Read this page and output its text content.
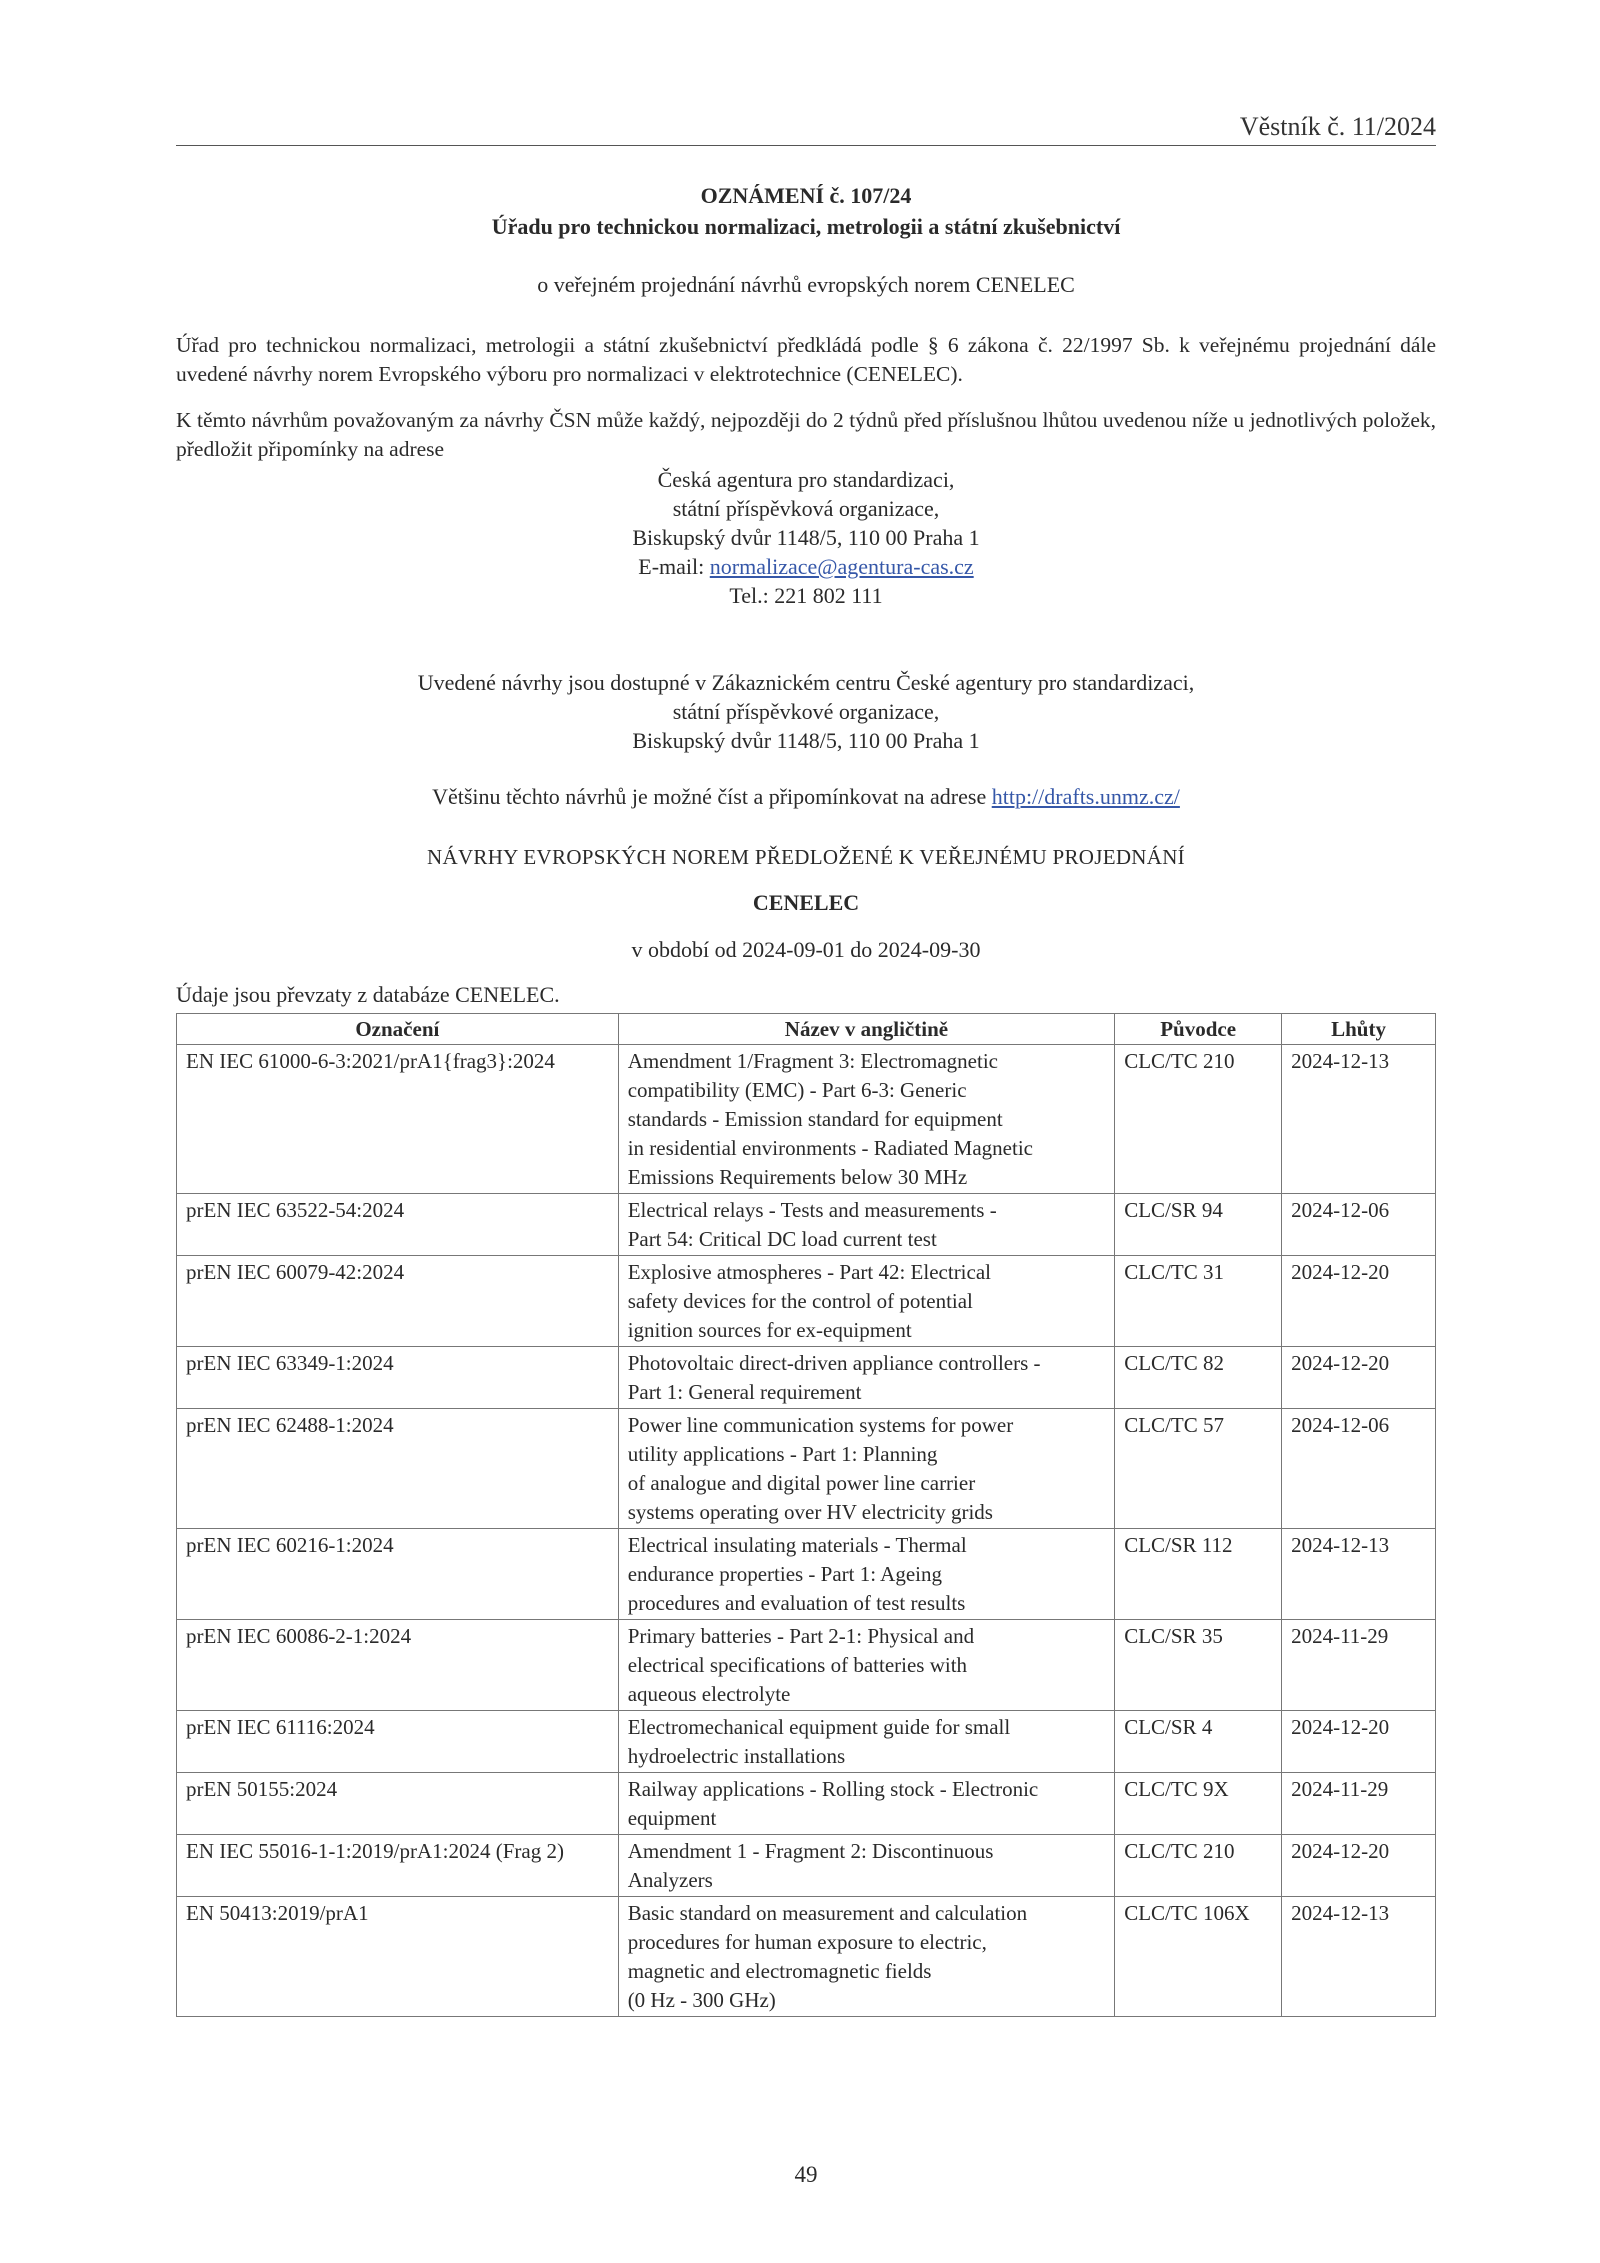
Věstník č. 11/2024
OZNÁMENÍ č. 107/24
Úřadu pro technickou normalizaci, metrologii a státní zkušebnictví
o veřejném projednání návrhů evropských norem CENELEC
Úřad pro technickou normalizaci, metrologii a státní zkušebnictví předkládá podle § 6 zákona č. 22/1997 Sb. k veřejnému projednání dále uvedené návrhy norem Evropského výboru pro normalizaci v elektrotechnice (CENELEC).
K těmto návrhům považovaným za návrhy ČSN může každý, nejpozději do 2 týdnů před příslušnou lhůtou uvedenou níže u jednotlivých položek, předložit připomínky na adrese
Česká agentura pro standardizaci,
státní příspěvková organizace,
Biskupský dvůr 1148/5, 110 00 Praha 1
E-mail: normalizace@agentura-cas.cz
Tel.: 221 802 111
Uvedené návrhy jsou dostupné v Zákaznickém centru České agentury pro standardizaci,
státní příspěvkové organizace,
Biskupský dvůr 1148/5, 110 00 Praha 1
Většinu těchto návrhů je možné číst a připomínkovat na adrese http://drafts.unmz.cz/
NÁVRHY EVROPSKÝCH NOREM PŘEDLOŽENÉ K VEŘEJNÉMU PROJEDNÁNÍ
CENELEC
v období od 2024-09-01 do 2024-09-30
Údaje jsou převzaty z databáze CENELEC.
Označení	Název v angličtině	Původce	Lhůty
EN IEC 61000-6-3:2021/prA1{frag3}:2024	Amendment 1/Fragment 3: Electromagnetic
compatibility (EMC) - Part 6-3: Generic
standards - Emission standard for equipment
in residential environments - Radiated Magnetic
Emissions Requirements below 30 MHz	CLC/TC 210	2024-12-13
prEN IEC 63522-54:2024	Electrical relays - Tests and measurements -
Part 54: Critical DC load current test	CLC/SR 94	2024-12-06
prEN IEC 60079-42:2024	Explosive atmospheres - Part 42: Electrical
safety devices for the control of potential
ignition sources for ex-equipment	CLC/TC 31	2024-12-20
prEN IEC 63349-1:2024	Photovoltaic direct-driven appliance controllers -
Part 1: General requirement	CLC/TC 82	2024-12-20
prEN IEC 62488-1:2024	Power line communication systems for power
utility applications - Part 1: Planning
of analogue and digital power line carrier
systems operating over HV electricity grids	CLC/TC 57	2024-12-06
prEN IEC 60216-1:2024	Electrical insulating materials - Thermal
endurance properties - Part 1: Ageing
procedures and evaluation of test results	CLC/SR 112	2024-12-13
prEN IEC 60086-2-1:2024	Primary batteries - Part 2-1: Physical and
electrical specifications of batteries with
aqueous electrolyte	CLC/SR 35	2024-11-29
prEN IEC 61116:2024	Electromechanical equipment guide for small
hydroelectric installations	CLC/SR 4	2024-12-20
prEN 50155:2024	Railway applications - Rolling stock - Electronic
equipment	CLC/TC 9X	2024-11-29
EN IEC 55016-1-1:2019/prA1:2024 (Frag 2)	Amendment 1 - Fragment 2: Discontinuous
Analyzers	CLC/TC 210	2024-12-20
EN 50413:2019/prA1	Basic standard on measurement and calculation
procedures for human exposure to electric,
magnetic and electromagnetic fields
(0 Hz - 300 GHz)	CLC/TC 106X	2024-12-13
49
